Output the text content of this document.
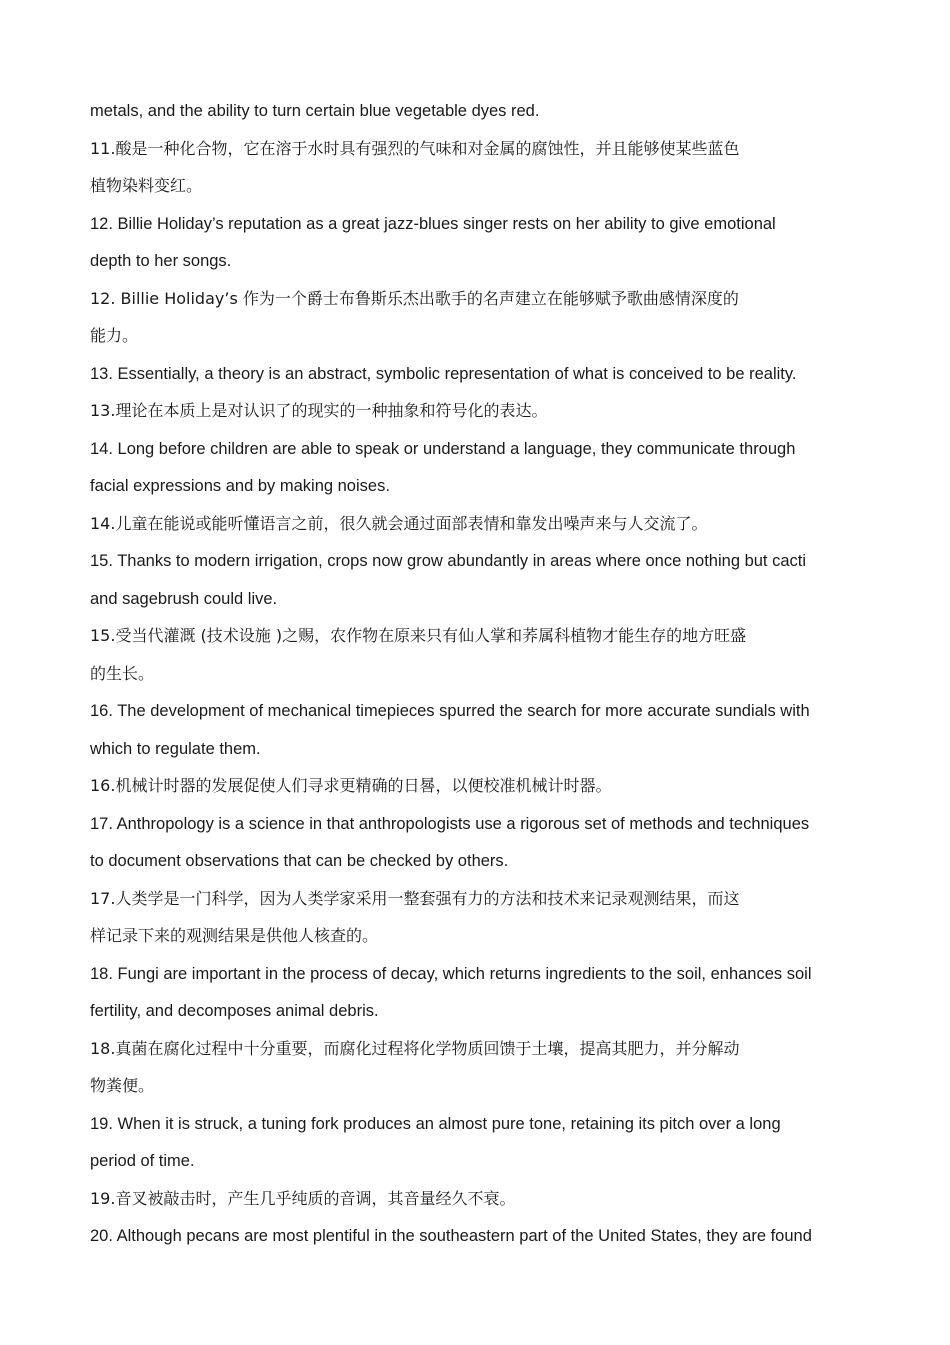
metals, and the ability to turn certain blue vegetable dyes red.
11.酸是一种化合物，它在溶于水时具有强烈的气味和对金属的腐蚀性，并且能够使某些蓝色
植物染料变红。
12. Billie Holiday’s reputation as a great jazz-blues singer rests on her ability to give emotional
depth to her songs.
12. Billie Holiday’s 作为一个爵士布鲁斯乐杰出歌手的名声建立在能够赋予歌曲感情深度的
能力。
13. Essentially, a theory is an abstract, symbolic representation of what is conceived to be reality.
13.理论在本质上是对认识了的现实的一种抽象和符号化的表达。
14. Long before children are able to speak or understand a language, they communicate through
facial expressions and by making noises.
14.儿童在能说或能听懂语言之前，很久就会通过面部表情和靠发出噪声来与人交流了。
15. Thanks to modern irrigation, crops now grow abundantly in areas where once nothing but cacti
and sagebrush could live.
15.受当代灌溉 (技术设施 )之赐，农作物在原来只有仙人掌和荞属科植物才能生存的地方旺盛
的生长。
16. The development of mechanical timepieces spurred the search for more accurate sundials with
which to regulate them.
16.机械计时器的发展促使人们寻求更精确的日晷，以便校准机械计时器。
17. Anthropology is a science in that anthropologists use a rigorous set of methods and techniques
to document observations that can be checked by others.
17.人类学是一门科学，因为人类学家采用一整套强有力的方法和技术来记录观测结果，而这
样记录下来的观测结果是供他人核查的。
18. Fungi are important in the process of decay, which returns ingredients to the soil, enhances soil
fertility, and decomposes animal debris.
18.真菌在腐化过程中十分重要，而腐化过程将化学物质回馈于土壤，提高其肥力，并分解动
物粪便。
19. When it is struck, a tuning fork produces an almost pure tone, retaining its pitch over a long
period of time.
19.音叉被敲击时，产生几乎纯质的音调，其音量经久不衰。
20. Although pecans are most plentiful in the southeastern part of the United States, they are found
